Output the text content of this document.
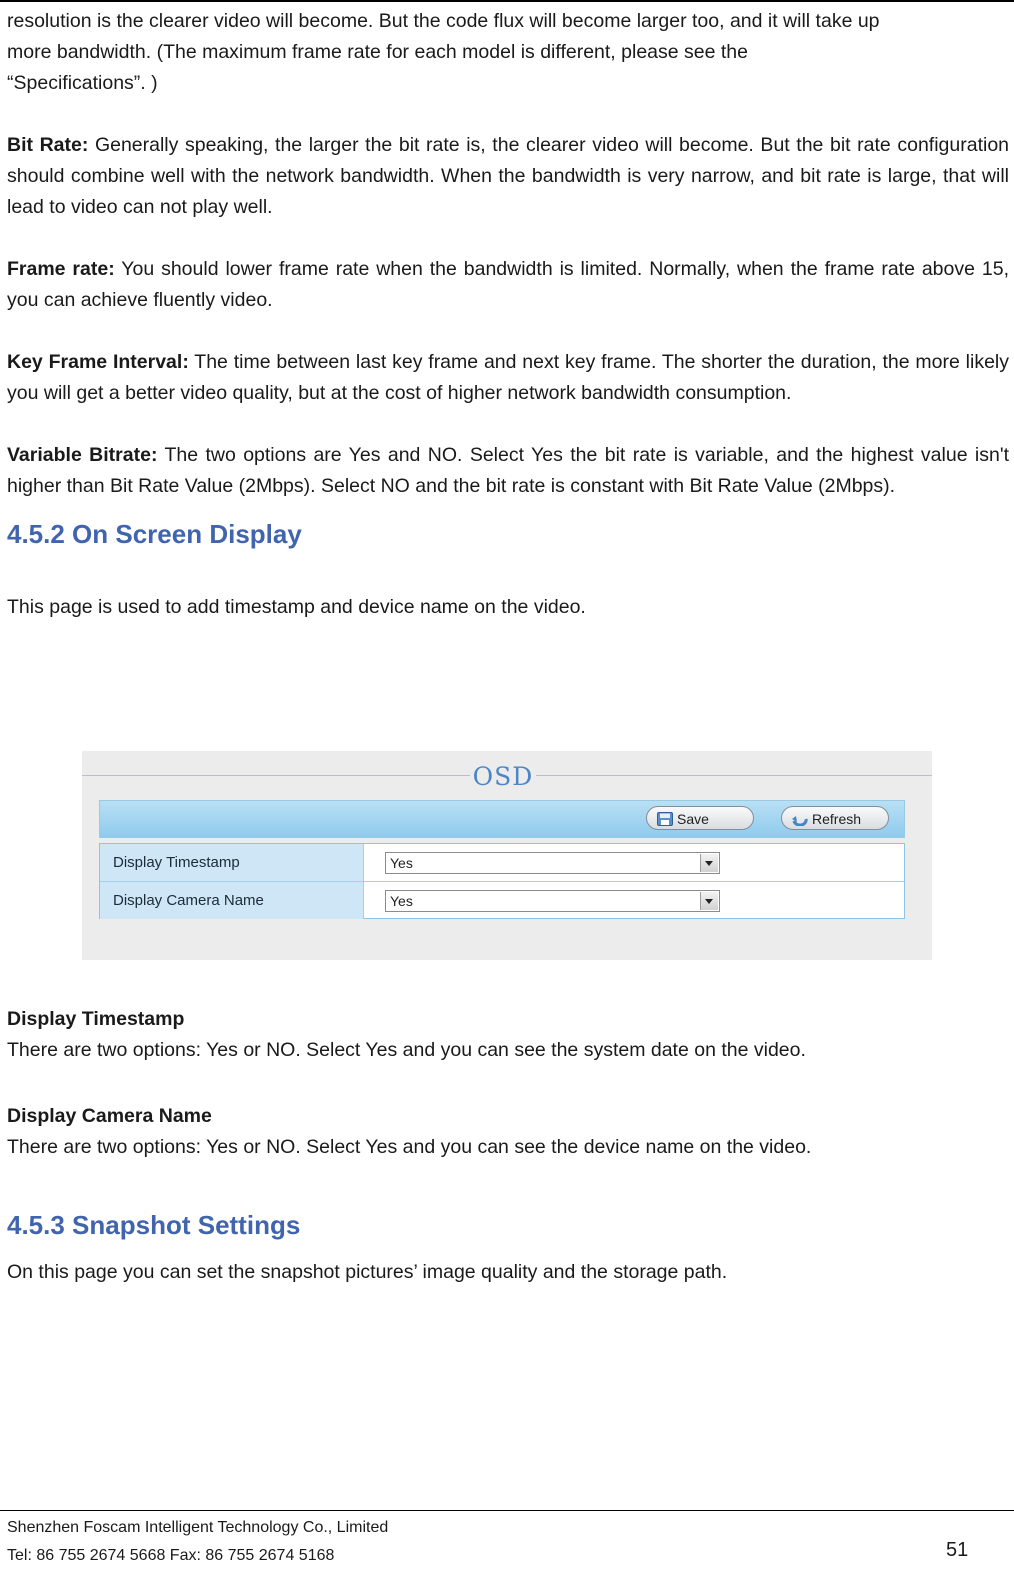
resolution is the clearer video will become. But the code flux will become larger too, and it will take up

more bandwidth. (The maximum frame rate for each model is different, please see the

“Specifications”. )

Bit Rate: Generally speaking, the larger the bit rate is, the clearer video will become. But the bit rate configuration should combine well with the network bandwidth. When the bandwidth is very narrow, and bit rate is large, that will lead to video can not play well.

Frame rate: You should lower frame rate when the bandwidth is limited. Normally, when the frame rate above 15, you can achieve fluently video.

Key Frame Interval: The time between last key frame and next key frame. The shorter the duration, the more likely you will get a better video quality, but at the cost of higher network bandwidth consumption.

Variable Bitrate: The two options are Yes and NO. Select Yes the bit rate is variable, and the highest value isn't higher than Bit Rate Value (2Mbps). Select NO and the bit rate is constant with Bit Rate Value (2Mbps).

4.5.2 On Screen Display

This page is used to add timestamp and device name on the video.

OSD
Save	Refresh
Display Timestamp	Yes
Display Camera Name	Yes

Display Timestamp

There are two options: Yes or NO. Select Yes and you can see the system date on the video.

Display Camera Name

There are two options: Yes or NO. Select Yes and you can see the device name on the video.

4.5.3 Snapshot Settings

On this page you can set the snapshot pictures’ image quality and the storage path.

Shenzhen Foscam Intelligent Technology Co., Limited
Tel: 86 755 2674 5668 Fax: 86 755 2674 5168	51
